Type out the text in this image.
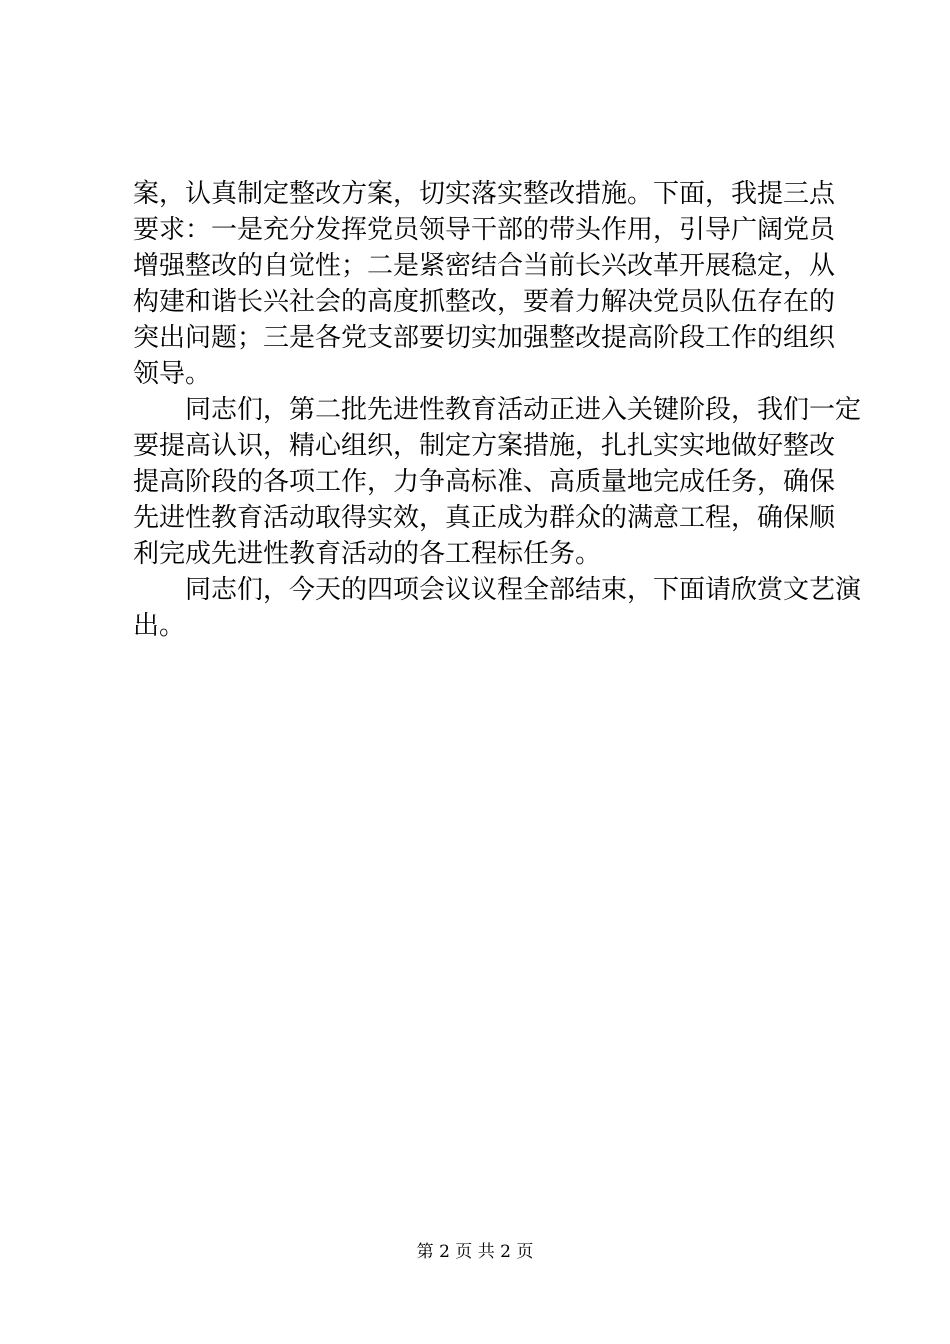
案，认真制定整改方案，切实落实整改措施。下面，我提三点
要求：一是充分发挥党员领导干部的带头作用，引导广阔党员
增强整改的自觉性；二是紧密结合当前长兴改革开展稳定，从
构建和谐长兴社会的高度抓整改，要着力解决党员队伍存在的
突出问题；三是各党支部要切实加强整改提高阶段工作的组织
领导。
　　同志们，第二批先进性教育活动正进入关键阶段，我们一定
要提高认识，精心组织，制定方案措施，扎扎实实地做好整改
提高阶段的各项工作，力争高标准、高质量地完成任务，确保
先进性教育活动取得实效，真正成为群众的满意工程，确保顺
利完成先进性教育活动的各工程标任务。
　　同志们，今天的四项会议议程全部结束，下面请欣赏文艺演
出。
第 2 页 共 2 页
